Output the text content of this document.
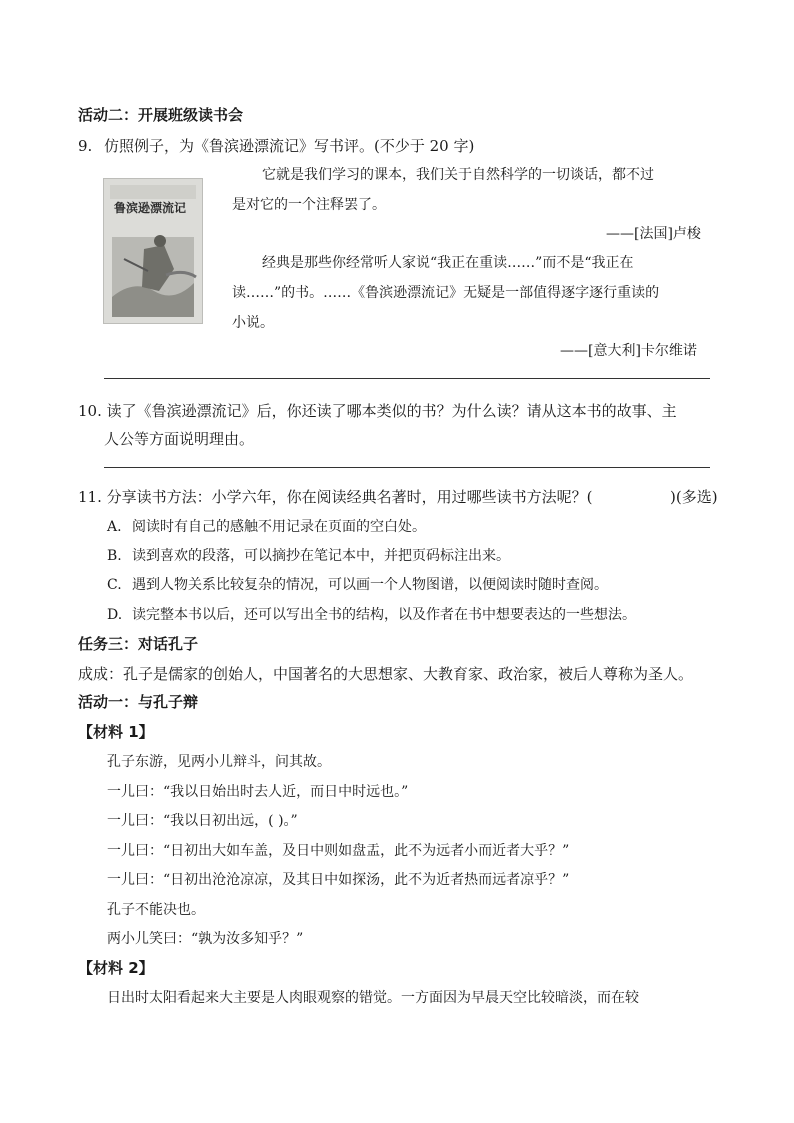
活动二：开展班级读书会
9. 仿照例子，为《鲁滨逊漂流记》写书评。(不少于 20 字)
鲁滨逊漂流记
它就是我们学习的课本，我们关于自然科学的一切谈话，都不过
是对它的一个注释罢了。
——[法国]卢梭
经典是那些你经常听人家说“我正在重读……”而不是“我正在
读……”的书。……《鲁滨逊漂流记》无疑是一部值得逐字逐行重读的
小说。
——[意大利]卡尔维诺
10. 读了《鲁滨逊漂流记》后，你还读了哪本类似的书？为什么读？请从这本书的故事、主
人公等方面说明理由。
11. 分享读书方法：小学六年，你在阅读经典名著时，用过哪些读书方法呢？(	)(多选)
A. 阅读时有自己的感触不用记录在页面的空白处。
B. 读到喜欢的段落，可以摘抄在笔记本中，并把页码标注出来。
C. 遇到人物关系比较复杂的情况，可以画一个人物图谱，以便阅读时随时查阅。
D. 读完整本书以后，还可以写出全书的结构，以及作者在书中想要表达的一些想法。
任务三：对话孔子
成成：孔子是儒家的创始人，中国著名的大思想家、大教育家、政治家，被后人尊称为圣人。
活动一：与孔子辩
【材料 1】
孔子东游，见两小儿辩斗，问其故。
一儿曰：“我以日始出时去人近，而日中时远也。”
一儿曰：“我以日初出远，( )。”
一儿曰：“日初出大如车盖，及日中则如盘盂，此不为远者小而近者大乎？”
一儿曰：“日初出沧沧凉凉，及其日中如探汤，此不为近者热而远者凉乎？”
孔子不能决也。
两小儿笑曰：“孰为汝多知乎？”
【材料 2】
日出时太阳看起来大主要是人肉眼观察的错觉。一方面因为早晨天空比较暗淡，而在较
